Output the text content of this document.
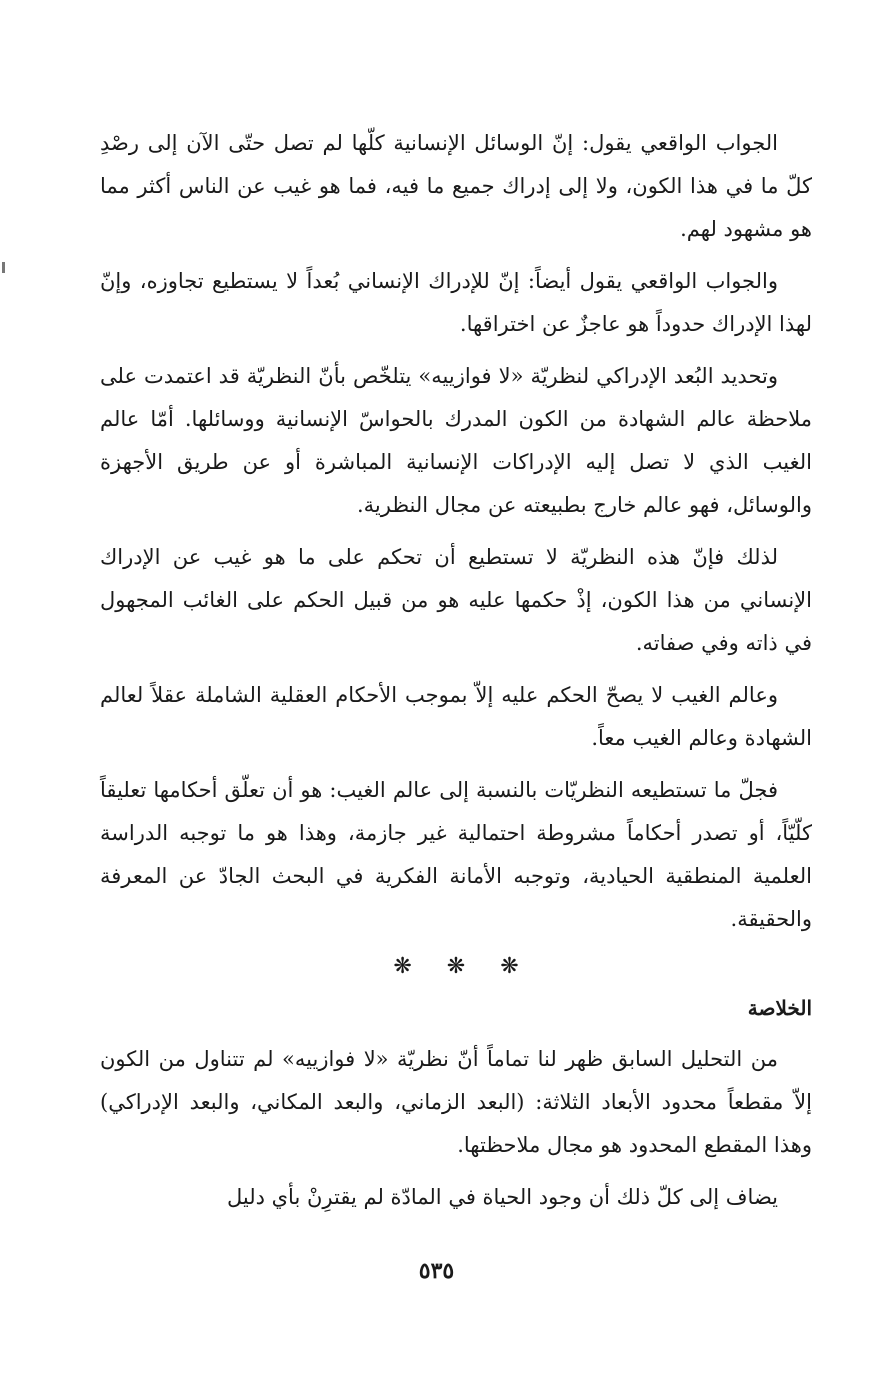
الجواب الواقعي يقول: إنّ الوسائل الإنسانية كلّها لم تصل حتّى الآن إلى رصْدِ كلّ ما في هذا الكون، ولا إلى إدراك جميع ما فيه، فما هو غيب عن الناس أكثر مما هو مشهود لهم.

والجواب الواقعي يقول أيضاً: إنّ للإدراك الإنساني بُعداً لا يستطيع تجاوزه، وإنّ لهذا الإدراك حدوداً هو عاجزٌ عن اختراقها.

وتحديد البُعد الإدراكي لنظريّة «لا فوازييه» يتلخّص بأنّ النظريّة قد اعتمدت على ملاحظة عالم الشهادة من الكون المدرك بالحواسّ الإنسانية ووسائلها. أمّا عالم الغيب الذي لا تصل إليه الإدراكات الإنسانية المباشرة أو عن طريق الأجهزة والوسائل، فهو عالم خارج بطبيعته عن مجال النظرية.

لذلك فإنّ هذه النظريّة لا تستطيع أن تحكم على ما هو غيب عن الإدراك الإنساني من هذا الكون، إذْ حكمها عليه هو من قبيل الحكم على الغائب المجهول في ذاته وفي صفاته.

وعالم الغيب لا يصحّ الحكم عليه إلاّ بموجب الأحكام العقلية الشاملة عقلاً لعالم الشهادة وعالم الغيب معاً.

فجلّ ما تستطيعه النظريّات بالنسبة إلى عالم الغيب: هو أن تعلّق أحكامها تعليقاً كلّيّاً، أو تصدر أحكاماً مشروطة احتمالية غير جازمة، وهذا هو ما توجبه الدراسة العلمية المنطقية الحيادية، وتوجبه الأمانة الفكرية في البحث الجادّ عن المعرفة والحقيقة.

❋ ❋ ❋
الخلاصة

من التحليل السابق ظهر لنا تماماً أنّ نظريّة «لا فوازييه» لم تتناول من الكون إلاّ مقطعاً محدود الأبعاد الثلاثة: (البعد الزماني، والبعد المكاني، والبعد الإدراكي) وهذا المقطع المحدود هو مجال ملاحظتها.

يضاف إلى كلّ ذلك أن وجود الحياة في المادّة لم يقترِنْ بأي دليل

٥٣٥
